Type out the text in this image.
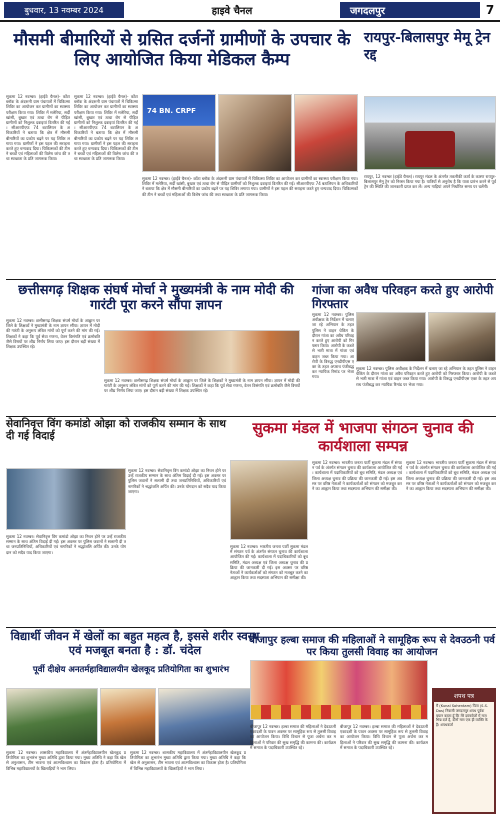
बुधवार, 13 नवम्बर 2024	हाइवे चैनल	जगदलपुर	7
मौसमी बीमारियों से ग्रसित दर्जनों ग्रामीणों के उपचार के लिए आयोजित किया मेडिकल कैम्प
रायपुर-बिलासपुर मेमू ट्रेन रद्द
सुकमा 12 नवम्बर। (हाईवे चैनल)- कोंटा ब्लॉक के अंदरूनी ग्राम पंचायतों में चिकित्सा शिविर का आयोजन कर ग्रामीणों का स्वास्थ्य परीक्षण किया गया। शिविर में मलेरिया, सर्दी खांसी, बुखार एवं त्वचा रोग से पीड़ित ग्रामीणों को निशुल्क दवाइयां वितरित की गई। सीआरपीएफ 74 बटालियन के अधिकारियों ने बताया कि क्षेत्र में मौसमी बीमारियों का प्रकोप बढ़ने पर यह शिविर लगाया गया। ग्रामीणों ने इस पहल की सराहना करते हुए धन्यवाद दिया। चिकित्सकों की टीम ने बच्चों एवं महिलाओं की विशेष जांच की तथा स्वच्छता के प्रति जागरूक किया।
सुकमा 12 नवम्बर। (हाईवे चैनल)- कोंटा ब्लॉक के अंदरूनी ग्राम पंचायतों में चिकित्सा शिविर का आयोजन कर ग्रामीणों का स्वास्थ्य परीक्षण किया गया। शिविर में मलेरिया, सर्दी खांसी, बुखार एवं त्वचा रोग से पीड़ित ग्रामीणों को निशुल्क दवाइयां वितरित की गई। सीआरपीएफ 74 बटालियन के अधिकारियों ने बताया कि क्षेत्र में मौसमी बीमारियों का प्रकोप बढ़ने पर यह शिविर लगाया गया। ग्रामीणों ने इस पहल की सराहना करते हुए धन्यवाद दिया। चिकित्सकों की टीम ने बच्चों एवं महिलाओं की विशेष जांच की तथा स्वच्छता के प्रति जागरूक किया।
74 BN. CRPF
सुकमा 12 नवम्बर। (हाईवे चैनल)- कोंटा ब्लॉक के अंदरूनी ग्राम पंचायतों में चिकित्सा शिविर का आयोजन कर ग्रामीणों का स्वास्थ्य परीक्षण किया गया। शिविर में मलेरिया, सर्दी खांसी, बुखार एवं त्वचा रोग से पीड़ित ग्रामीणों को निशुल्क दवाइयां वितरित की गई। सीआरपीएफ 74 बटालियन के अधिकारियों ने बताया कि क्षेत्र में मौसमी बीमारियों का प्रकोप बढ़ने पर यह शिविर लगाया गया। ग्रामीणों ने इस पहल की सराहना करते हुए धन्यवाद दिया। चिकित्सकों की टीम ने बच्चों एवं महिलाओं की विशेष जांच की तथा स्वच्छता के प्रति जागरूक किया।
रायपुर, 12 नवम्बर (हाईवे चैनल)। रायपुर मंडल के अंतर्गत तकनीकी कार्य के कारण रायपुर-बिलासपुर मेमू ट्रेन को निरस्त किया गया है। यात्रियों से अनुरोध है कि यात्रा प्रारंभ करने से पूर्व ट्रेन की स्थिति की जानकारी प्राप्त कर लें। अन्य गाड़ियां अपने निर्धारित समय पर चलेंगी।
छत्तीसगढ़ शिक्षक संघर्ष मोर्चा ने मुख्यमंत्री के नाम मोदी की गारंटी पूरा करने सौंपा ज्ञापन
सुकमा 12 नवम्बर। छत्तीसगढ़ शिक्षक संघर्ष मोर्चा के आह्वान पर जिले के शिक्षकों ने मुख्यमंत्री के नाम ज्ञापन सौंपा। ज्ञापन में मोदी की गारंटी के अनुरूप लंबित मांगों को पूर्ण करने की मांग की गई। शिक्षकों ने कहा कि पूर्व सेवा गणना, वेतन विसंगति एवं क्रमोन्नति जैसे विषयों पर शीघ्र निर्णय लिया जाए। इस दौरान बड़ी संख्या में शिक्षक उपस्थित रहे।
सुकमा 12 नवम्बर। छत्तीसगढ़ शिक्षक संघर्ष मोर्चा के आह्वान पर जिले के शिक्षकों ने मुख्यमंत्री के नाम ज्ञापन सौंपा। ज्ञापन में मोदी की गारंटी के अनुरूप लंबित मांगों को पूर्ण करने की मांग की गई। शिक्षकों ने कहा कि पूर्व सेवा गणना, वेतन विसंगति एवं क्रमोन्नति जैसे विषयों पर शीघ्र निर्णय लिया जाए। इस दौरान बड़ी संख्या में शिक्षक उपस्थित रहे।
गांजा का अवैध परिवहन करते हुए आरोपी गिरफ्तार
सुकमा 12 नवम्बर। पुलिस अधीक्षक के निर्देशन में चलाए जा रहे अभियान के तहत पुलिस ने वाहन चेकिंग के दौरान गांजा का अवैध परिवहन करते हुए आरोपी को गिरफ्तार किया। आरोपी के कब्जे से भारी मात्रा में गांजा एवं वाहन जब्त किया गया। आरोपी के विरुद्ध एनडीपीएस एक्ट के तहत अपराध पंजीबद्ध कर न्यायिक रिमांड पर भेजा गया।
सुकमा 12 नवम्बर। पुलिस अधीक्षक के निर्देशन में चलाए जा रहे अभियान के तहत पुलिस ने वाहन चेकिंग के दौरान गांजा का अवैध परिवहन करते हुए आरोपी को गिरफ्तार किया। आरोपी के कब्जे से भारी मात्रा में गांजा एवं वाहन जब्त किया गया। आरोपी के विरुद्ध एनडीपीएस एक्ट के तहत अपराध पंजीबद्ध कर न्यायिक रिमांड पर भेजा गया।
सेवानिवृत्त विंग कमांडो ओझा को राजकीय सम्मान के साथ दी गई विदाई
सुकमा 12 नवम्बर। सेवानिवृत्त विंग कमांडो ओझा का निधन होने पर उन्हें राजकीय सम्मान के साथ अंतिम विदाई दी गई। इस अवसर पर पुलिस जवानों ने सलामी दी तथा जनप्रतिनिधियों, अधिकारियों एवं नागरिकों ने श्रद्धांजलि अर्पित की। उनके योगदान को सदैव याद किया जाएगा।
सुकमा 12 नवम्बर। सेवानिवृत्त विंग कमांडो ओझा का निधन होने पर उन्हें राजकीय सम्मान के साथ अंतिम विदाई दी गई। इस अवसर पर पुलिस जवानों ने सलामी दी तथा जनप्रतिनिधियों, अधिकारियों एवं नागरिकों ने श्रद्धांजलि अर्पित की। उनके योगदान को सदैव याद किया जाएगा।
सुकमा मंडल में भाजपा संगठन चुनाव की कार्यशाला सम्पन्न
सुकमा 12 नवम्बर। भारतीय जनता पार्टी सुकमा मंडल में संगठन पर्व के अंतर्गत संगठन चुनाव की कार्यशाला आयोजित की गई। कार्यशाला में पदाधिकारियों को बूथ समिति, मंडल अध्यक्ष एवं जिला अध्यक्ष चुनाव की प्रक्रिया की जानकारी दी गई। इस अवसर पर वरिष्ठ नेताओं ने कार्यकर्ताओं को संगठन को मजबूत करने का आह्वान किया तथा सदस्यता अभियान की समीक्षा की।
सुकमा 12 नवम्बर। भारतीय जनता पार्टी सुकमा मंडल में संगठन पर्व के अंतर्गत संगठन चुनाव की कार्यशाला आयोजित की गई। कार्यशाला में पदाधिकारियों को बूथ समिति, मंडल अध्यक्ष एवं जिला अध्यक्ष चुनाव की प्रक्रिया की जानकारी दी गई। इस अवसर पर वरिष्ठ नेताओं ने कार्यकर्ताओं को संगठन को मजबूत करने का आह्वान किया तथा सदस्यता अभियान की समीक्षा की।
सुकमा 12 नवम्बर। भारतीय जनता पार्टी सुकमा मंडल में संगठन पर्व के अंतर्गत संगठन चुनाव की कार्यशाला आयोजित की गई। कार्यशाला में पदाधिकारियों को बूथ समिति, मंडल अध्यक्ष एवं जिला अध्यक्ष चुनाव की प्रक्रिया की जानकारी दी गई। इस अवसर पर वरिष्ठ नेताओं ने कार्यकर्ताओं को संगठन को मजबूत करने का आह्वान किया तथा सदस्यता अभियान की समीक्षा की।
विद्यार्थी जीवन में खेलों का बहुत महत्व है, इससे शरीर स्वस्थ एवं मजबूत बनता है : डॉ. चंदेल
पूर्वी दीक्षेय अनतर्महाविद्यालयीन खेलकूद प्रतियोगिता का शुभारंभ
सुकमा 12 नवम्बर। शासकीय महाविद्यालय में अंतर्महाविद्यालयीन खेलकूद प्रतियोगिता का शुभारंभ मुख्य अतिथि द्वारा किया गया। मुख्य अतिथि ने कहा कि खेल से अनुशासन, टीम भावना एवं आत्मविश्वास का विकास होता है। प्रतियोगिता में विभिन्न महाविद्यालयों के खिलाड़ियों ने भाग लिया।
सुकमा 12 नवम्बर। शासकीय महाविद्यालय में अंतर्महाविद्यालयीन खेलकूद प्रतियोगिता का शुभारंभ मुख्य अतिथि द्वारा किया गया। मुख्य अतिथि ने कहा कि खेल से अनुशासन, टीम भावना एवं आत्मविश्वास का विकास होता है। प्रतियोगिता में विभिन्न महाविद्यालयों के खिलाड़ियों ने भाग लिया।
बीजापुर हल्बा समाज की महिलाओं ने सामूहिक रूप से देवउठनी पर्व पर किया तुलसी विवाह का आयोजन
बीजापुर 12 नवम्बर। हल्बा समाज की महिलाओं ने देवउठनी एकादशी के पावन अवसर पर सामूहिक रूप से तुलसी विवाह का आयोजन किया। विधि विधान से पूजा अर्चना कर महिलाओं ने परिवार की सुख समृद्धि की कामना की। कार्यक्रम में समाज के पदाधिकारी उपस्थित रहे।
बीजापुर 12 नवम्बर। हल्बा समाज की महिलाओं ने देवउठनी एकादशी के पावन अवसर पर सामूहिक रूप से तुलसी विवाह का आयोजन किया। विधि विधान से पूजा अर्चना कर महिलाओं ने परिवार की सुख समृद्धि की कामना की। कार्यक्रम में समाज के पदाधिकारी उपस्थित रहे।
शपथ पत्र
मैं (Kunal Sohentam) पिता (S.S. Das) निवासी जगदलपुर शपथ पूर्वक बयान करता हूँ कि मेरे दस्तावेजों में नाम भिन्न दर्ज है, दोनों नाम एक ही व्यक्ति के हैं। शपथकर्ता
